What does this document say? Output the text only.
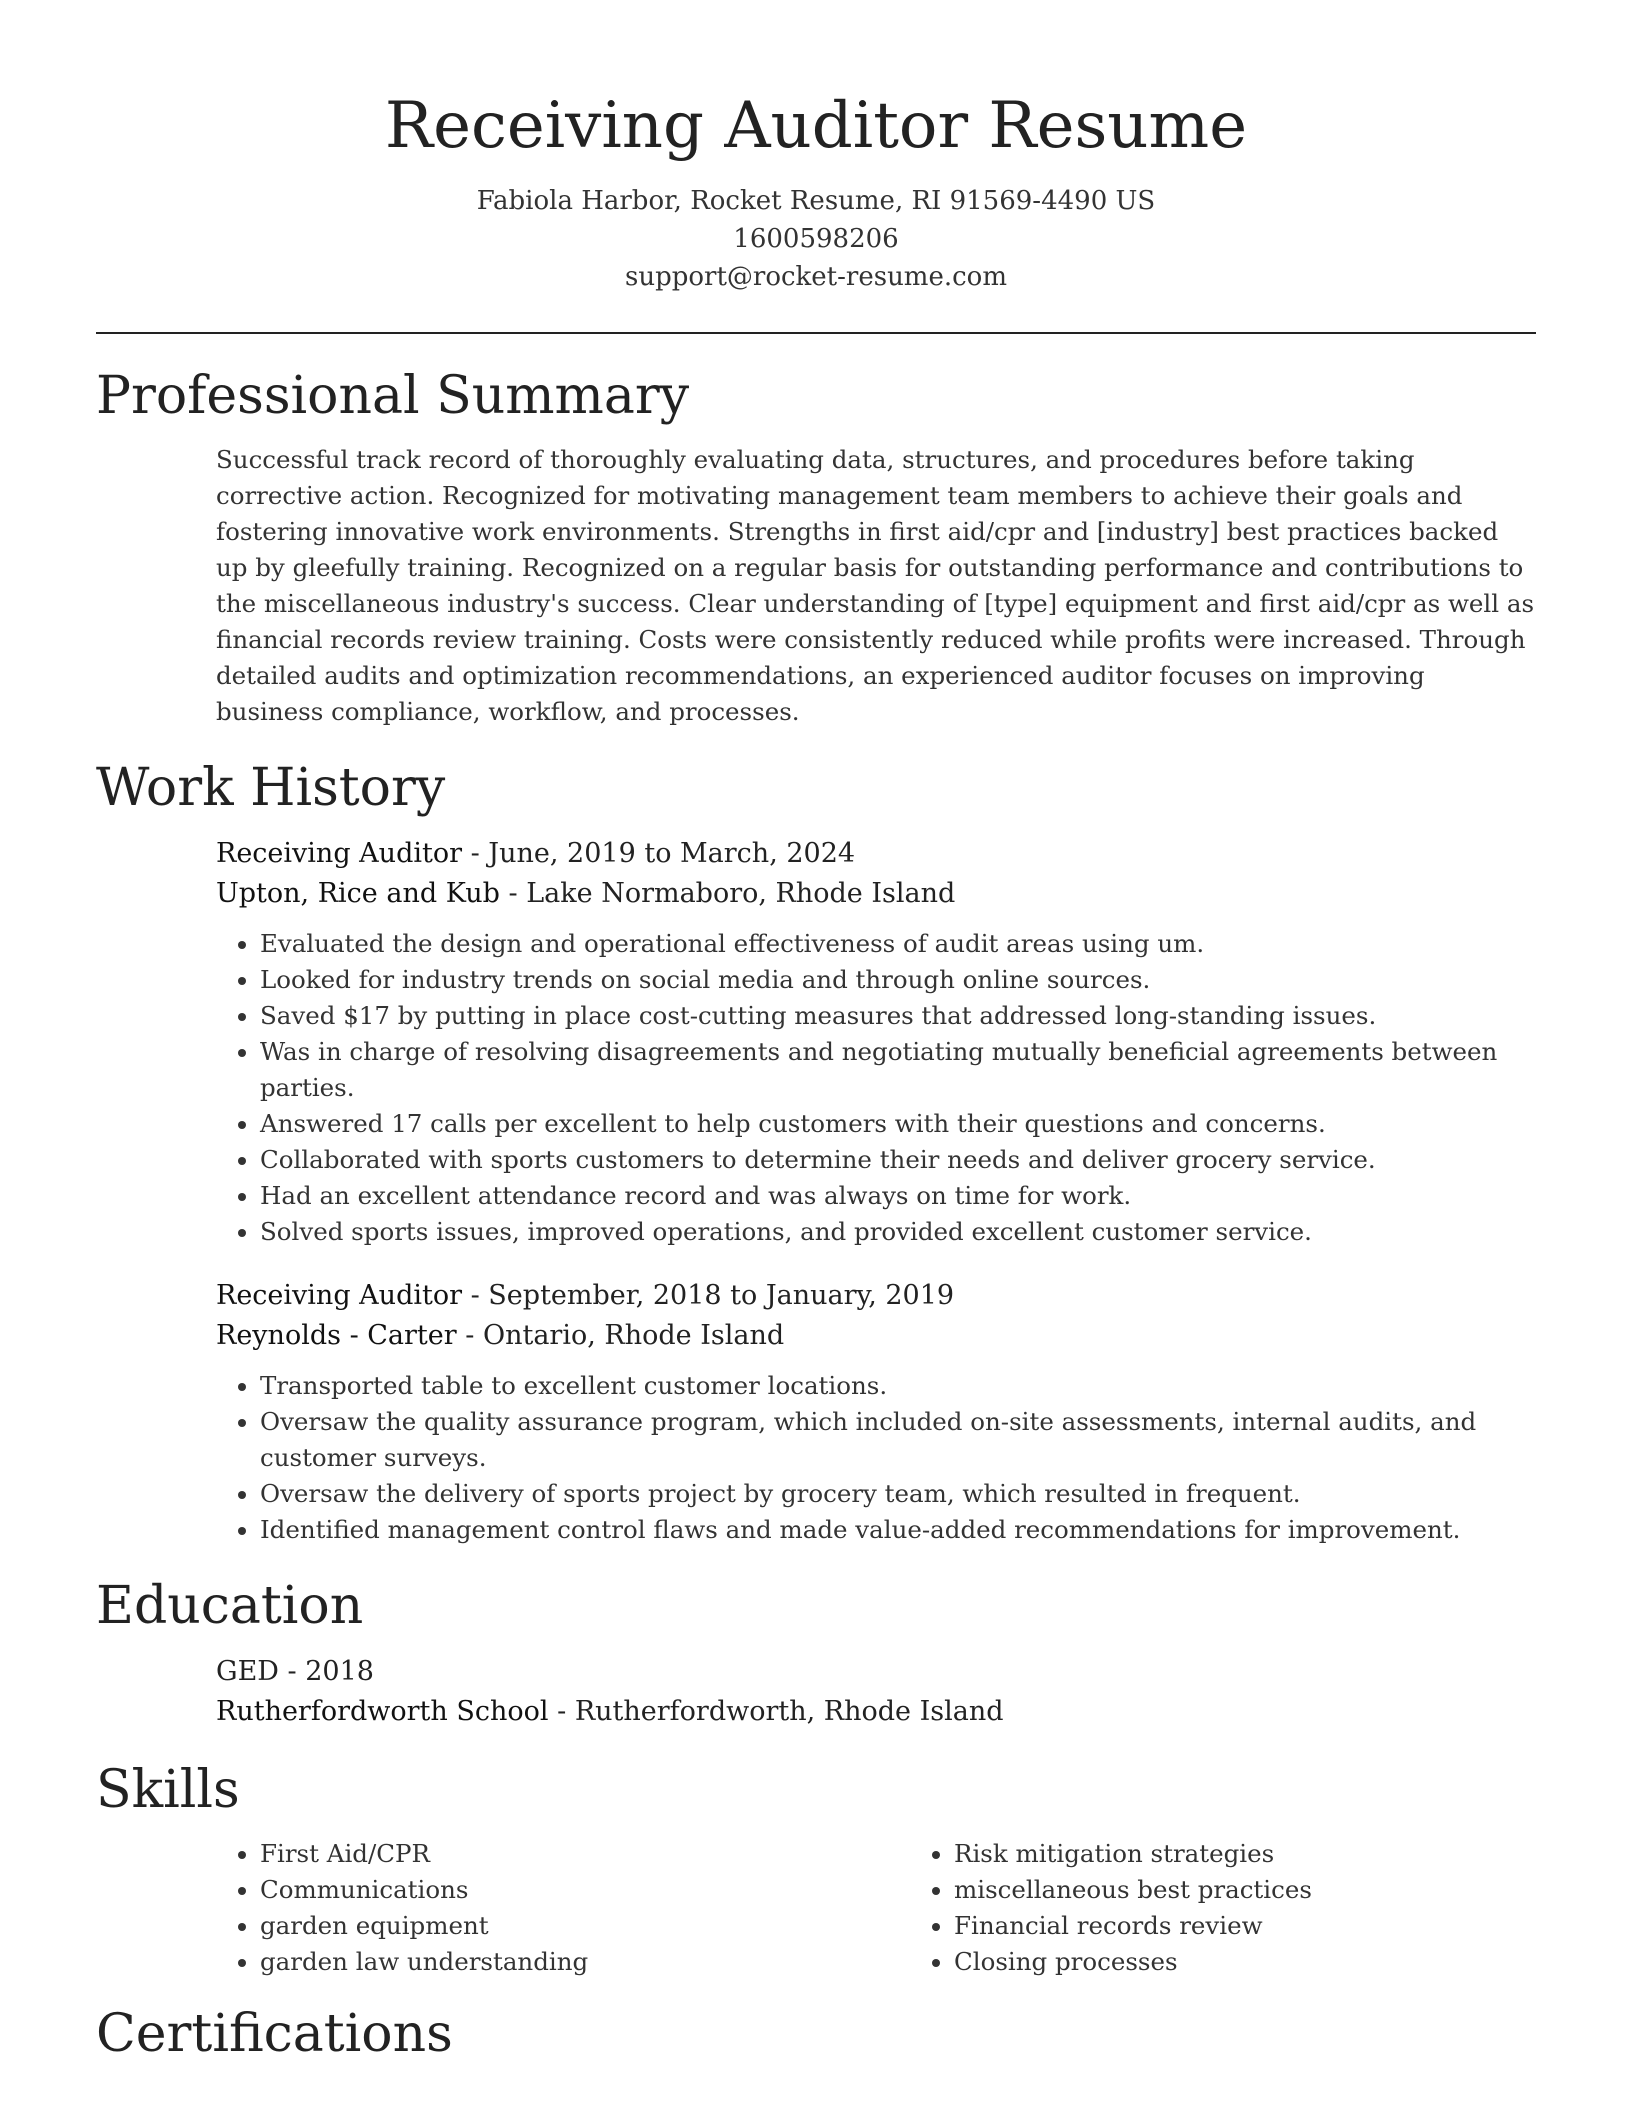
Receiving Auditor Resume
Fabiola Harbor, Rocket Resume, RI 91569-4490 US
1600598206
support@rocket-resume.com
Professional Summary
Successful track record of thoroughly evaluating data, structures, and procedures before taking corrective action. Recognized for motivating management team members to achieve their goals and fostering innovative work environments. Strengths in first aid/cpr and [industry] best practices backed up by gleefully training. Recognized on a regular basis for outstanding performance and contributions to the miscellaneous industry's success. Clear understanding of [type] equipment and first aid/cpr as well as financial records review training. Costs were consistently reduced while profits were increased. Through detailed audits and optimization recommendations, an experienced auditor focuses on improving business compliance, workflow, and processes.
Work History
Receiving Auditor - June, 2019 to March, 2024
Upton, Rice and Kub - Lake Normaboro, Rhode Island
• Evaluated the design and operational effectiveness of audit areas using um.
• Looked for industry trends on social media and through online sources.
• Saved $17 by putting in place cost-cutting measures that addressed long-standing issues.
• Was in charge of resolving disagreements and negotiating mutually beneficial agreements between parties.
• Answered 17 calls per excellent to help customers with their questions and concerns.
• Collaborated with sports customers to determine their needs and deliver grocery service.
• Had an excellent attendance record and was always on time for work.
• Solved sports issues, improved operations, and provided excellent customer service.
Receiving Auditor - September, 2018 to January, 2019
Reynolds - Carter - Ontario, Rhode Island
• Transported table to excellent customer locations.
• Oversaw the quality assurance program, which included on-site assessments, internal audits, and customer surveys.
• Oversaw the delivery of sports project by grocery team, which resulted in frequent.
• Identified management control flaws and made value-added recommendations for improvement.
Education
GED - 2018
Rutherfordworth School - Rutherfordworth, Rhode Island
Skills
• First Aid/CPR
• Communications
• garden equipment
• garden law understanding
• Risk mitigation strategies
• miscellaneous best practices
• Financial records review
• Closing processes
Certifications
